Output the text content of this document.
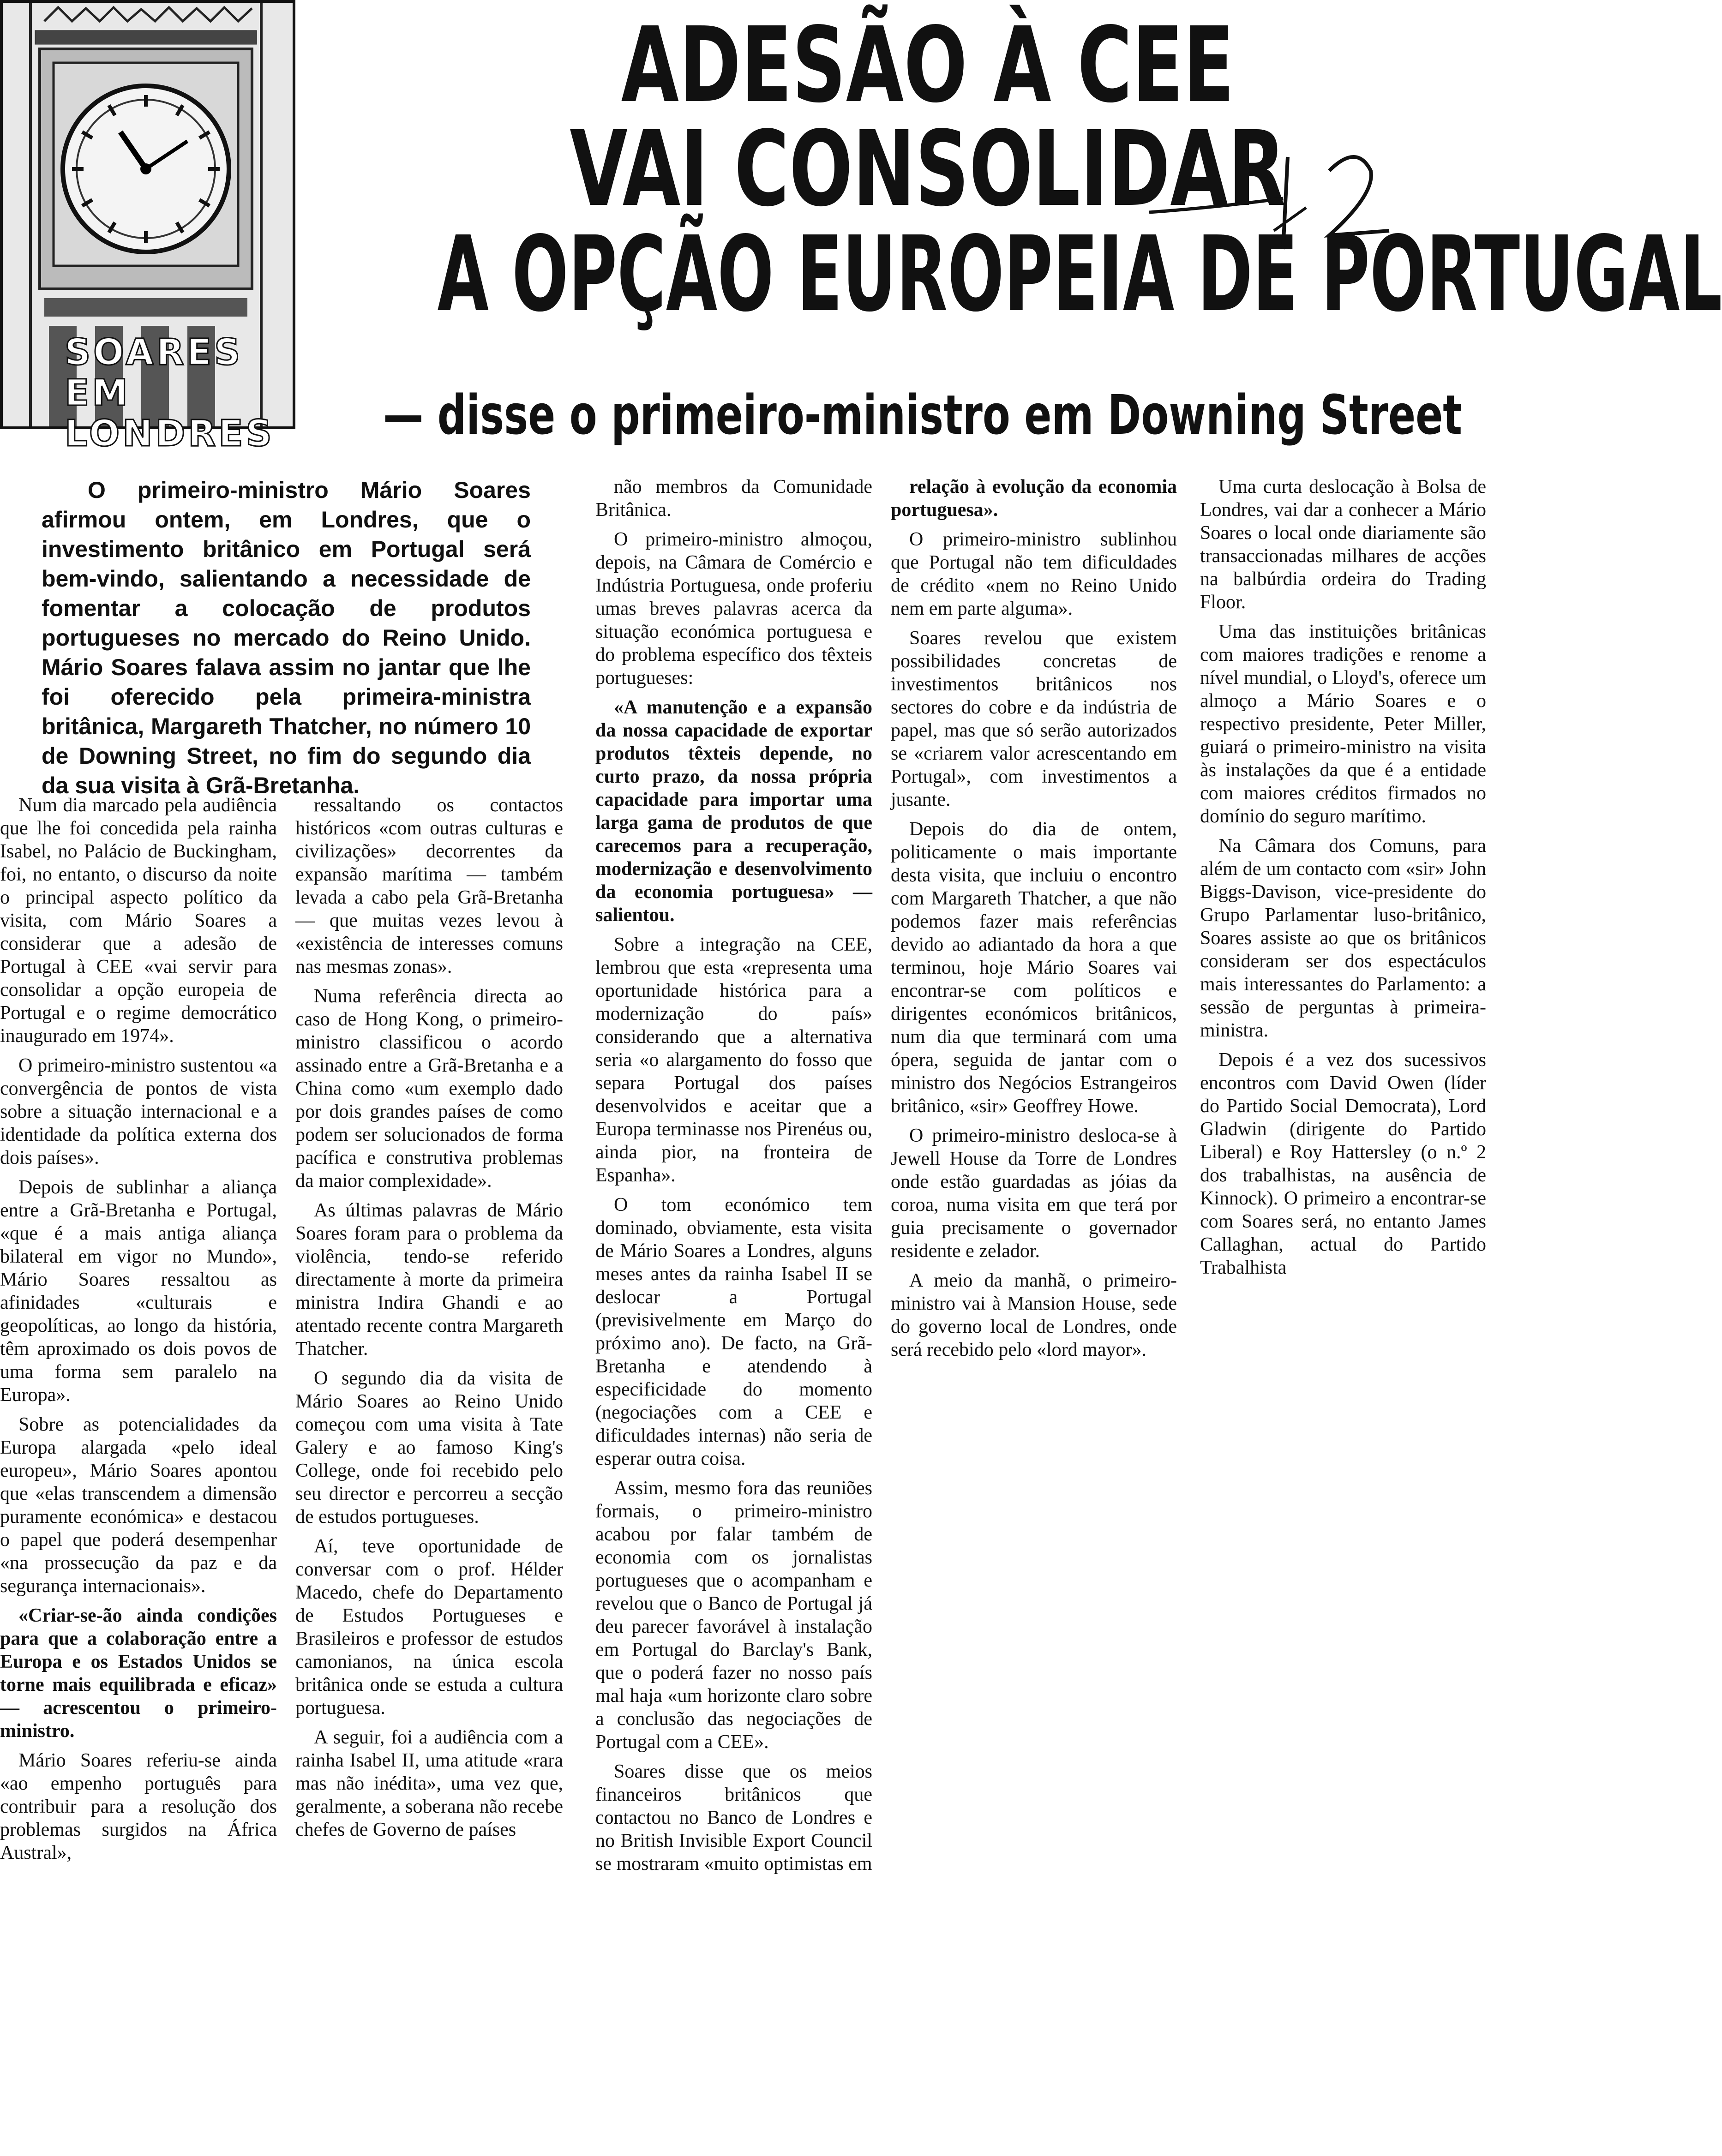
SOARES
EM LONDRES
ADESÃO À CEE
VAI CONSOLIDAR
A OPÇÃO EUROPEIA DE PORTUGAL
— disse o primeiro-ministro em Downing Street

O primeiro-ministro Mário Soares afirmou ontem, em Londres, que o investimento britânico em Portugal será bem-vindo, salientando a necessidade de fomentar a colocação de produtos portugueses no mercado do Reino Unido. Mário Soares falava assim no jantar que lhe foi oferecido pela primeira-ministra britânica, Margareth Thatcher, no número 10 de Downing Street, no fim do segundo dia da sua visita à Grã-Bretanha.

Num dia marcado pela audiência que lhe foi concedida pela rainha Isabel, no Palácio de Buckingham, foi, no entanto, o discurso da noite o principal aspecto político da visita, com Mário Soares a considerar que a adesão de Portugal à CEE «vai servir para consolidar a opção europeia de Portugal e o regime democrático inaugurado em 1974».

O primeiro-ministro sustentou «a convergência de pontos de vista sobre a situação internacional e a identidade da política externa dos dois países».

Depois de sublinhar a aliança entre a Grã-Bretanha e Portugal, «que é a mais antiga aliança bilateral em vigor no Mundo», Mário Soares ressaltou as afinidades «culturais e geopolíticas, ao longo da história, têm aproximado os dois povos de uma forma sem paralelo na Europa».

Sobre as potencialidades da Europa alargada «pelo ideal europeu», Mário Soares apontou que «elas transcendem a dimensão puramente económica» e destacou o papel que poderá desempenhar «na prossecução da paz e da segurança internacionais».

«Criar-se-ão ainda condições para que a colaboração entre a Europa e os Estados Unidos se torne mais equilibrada e eficaz» — acrescentou o primeiro-ministro.

Mário Soares referiu-se ainda «ao empenho português para contribuir para a resolução dos problemas surgidos na África Austral»,

ressaltando os contactos históricos «com outras culturas e civilizações» decorrentes da expansão marítima — também levada a cabo pela Grã-Bretanha — que muitas vezes levou à «existência de interesses comuns nas mesmas zonas».

Numa referência directa ao caso de Hong Kong, o primeiro-ministro classificou o acordo assinado entre a Grã-Bretanha e a China como «um exemplo dado por dois grandes países de como podem ser solucionados de forma pacífica e construtiva problemas da maior complexidade».

As últimas palavras de Mário Soares foram para o problema da violência, tendo-se referido directamente à morte da primeira ministra Indira Ghandi e ao atentado recente contra Margareth Thatcher.

O segundo dia da visita de Mário Soares ao Reino Unido começou com uma visita à Tate Galery e ao famoso King's College, onde foi recebido pelo seu director e percorreu a secção de estudos portugueses.

Aí, teve oportunidade de conversar com o prof. Hélder Macedo, chefe do Departamento de Estudos Portugueses e Brasileiros e professor de estudos camonianos, na única escola britânica onde se estuda a cultura portuguesa.

A seguir, foi a audiência com a rainha Isabel II, uma atitude «rara mas não inédita», uma vez que, geralmente, a soberana não recebe chefes de Governo de países

não membros da Comunidade Britânica.

O primeiro-ministro almoçou, depois, na Câmara de Comércio e Indústria Portuguesa, onde proferiu umas breves palavras acerca da situação económica portuguesa e do problema específico dos têxteis portugueses:

«A manutenção e a expansão da nossa capacidade de exportar produtos têxteis depende, no curto prazo, da nossa própria capacidade para importar uma larga gama de produtos de que carecemos para a recuperação, modernização e desenvolvimento da economia portuguesa» — salientou.

Sobre a integração na CEE, lembrou que esta «representa uma oportunidade histórica para a modernização do país» considerando que a alternativa seria «o alargamento do fosso que separa Portugal dos países desenvolvidos e aceitar que a Europa terminasse nos Pirenéus ou, ainda pior, na fronteira de Espanha».

O tom económico tem dominado, obviamente, esta visita de Mário Soares a Londres, alguns meses antes da rainha Isabel II se deslocar a Portugal (previsivelmente em Março do próximo ano). De facto, na Grã-Bretanha e atendendo à especificidade do momento (negociações com a CEE e dificuldades internas) não seria de esperar outra coisa.

Assim, mesmo fora das reuniões formais, o primeiro-ministro acabou por falar também de economia com os jornalistas portugueses que o acompanham e revelou que o Banco de Portugal já deu parecer favorável à instalação em Portugal do Barclay's Bank, que o poderá fazer no nosso país mal haja «um horizonte claro sobre a conclusão das negociações de Portugal com a CEE».

Soares disse que os meios financeiros britânicos que contactou no Banco de Londres e no British Invisible Export Council se mostraram «muito optimistas em

relação à evolução da economia portuguesa».

O primeiro-ministro sublinhou que Portugal não tem dificuldades de crédito «nem no Reino Unido nem em parte alguma».

Soares revelou que existem possibilidades concretas de investimentos britânicos nos sectores do cobre e da indústria de papel, mas que só serão autorizados se «criarem valor acrescentando em Portugal», com investimentos a jusante.

Depois do dia de ontem, politicamente o mais importante desta visita, que incluiu o encontro com Margareth Thatcher, a que não podemos fazer mais referências devido ao adiantado da hora a que terminou, hoje Mário Soares vai encontrar-se com políticos e dirigentes económicos britânicos, num dia que terminará com uma ópera, seguida de jantar com o ministro dos Negócios Estrangeiros britânico, «sir» Geoffrey Howe.

O primeiro-ministro desloca-se à Jewell House da Torre de Londres onde estão guardadas as jóias da coroa, numa visita em que terá por guia precisamente o governador residente e zelador.

A meio da manhã, o primeiro-ministro vai à Mansion House, sede do governo local de Londres, onde será recebido pelo «lord mayor».

Uma curta deslocação à Bolsa de Londres, vai dar a conhecer a Mário Soares o local onde diariamente são transaccionadas milhares de acções na balbúrdia ordeira do Trading Floor.

Uma das instituições britânicas com maiores tradições e renome a nível mundial, o Lloyd's, oferece um almoço a Mário Soares e o respectivo presidente, Peter Miller, guiará o primeiro-ministro na visita às instalações da que é a entidade com maiores créditos firmados no domínio do seguro marítimo.

Na Câmara dos Comuns, para além de um contacto com «sir» John Biggs-Davison, vice-presidente do Grupo Parlamentar luso-britânico, Soares assiste ao que os britânicos consideram ser dos espectáculos mais interessantes do Parlamento: a sessão de perguntas à primeira-ministra.

Depois é a vez dos sucessivos encontros com David Owen (líder do Partido Social Democrata), Lord Gladwin (dirigente do Partido Liberal) e Roy Hattersley (o n.º 2 dos trabalhistas, na ausência de Kinnock). O primeiro a encontrar-se com Soares será, no entanto James Callaghan, actual do Partido Trabalhista
